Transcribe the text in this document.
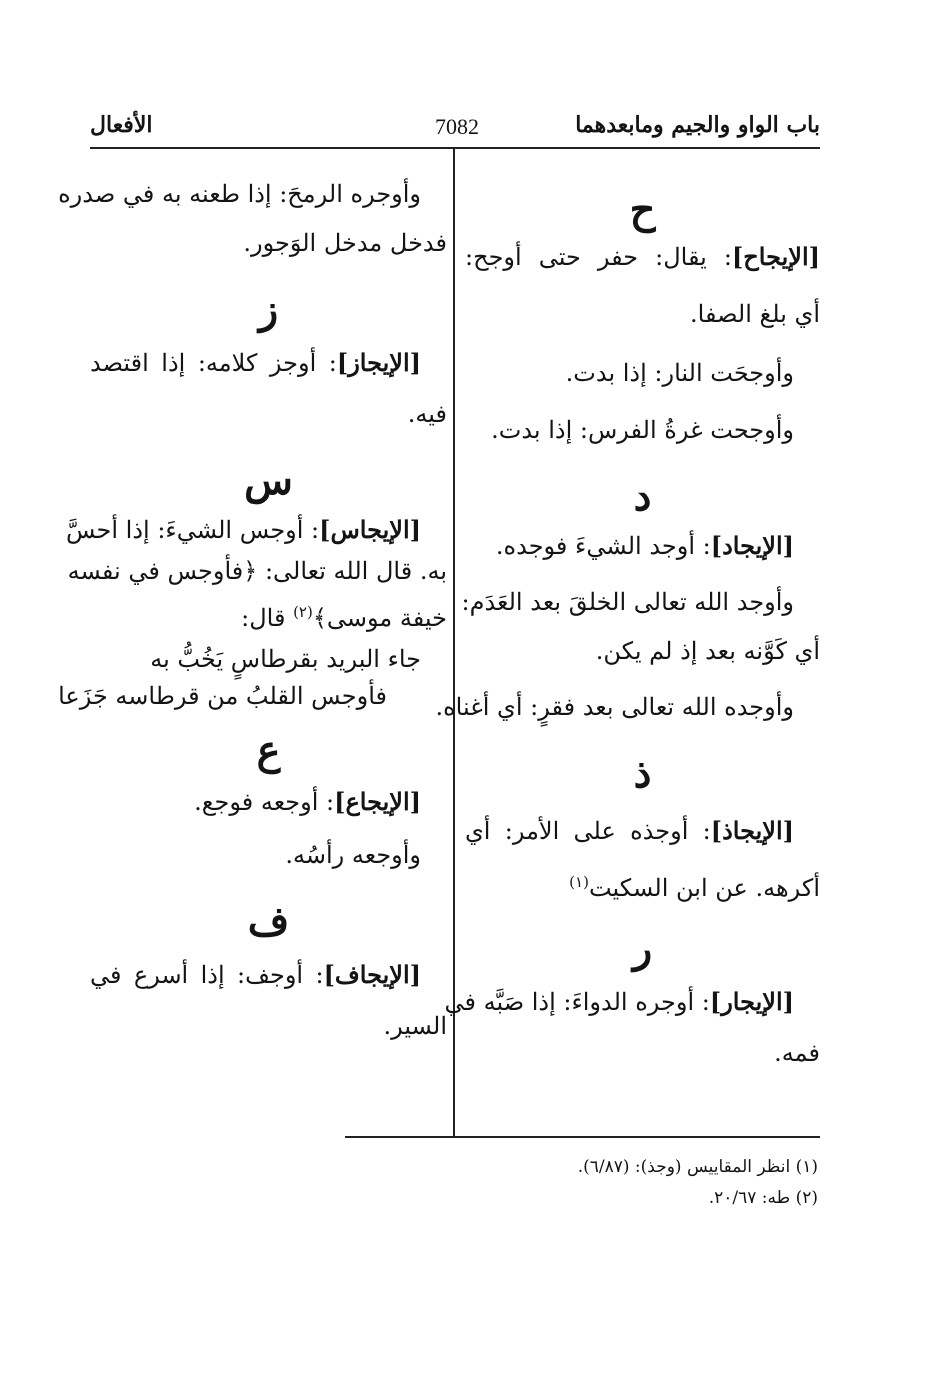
باب الواو والجيم ومابعدهما
7082
الأفعال
ح

[الإيجاح]: يقال: حفر حتى أوجح:

أي بلغ الصفا.

وأوجحَت النار: إذا بدت.

وأوجحت غرةُ الفرس: إذا بدت.

د

[الإيجاد]: أوجد الشيءَ فوجده.

وأوجد الله تعالى الخلقَ بعد العَدَم:

أي كَوَّنه بعد إذ لم يكن.

وأوجده الله تعالى بعد فقرٍ: أي أغناه.

ذ

[الإيجاذ]: أوجذه على الأمر: أي

أكرهه. عن ابن السكيت$^{(١)}$

ر

[الإيجار]: أوجره الدواءَ: إذا صَبَّه في

فمه.

وأوجره الرمحَ: إذا طعنه به في صدره

فدخل مدخل الوَجور.

ز

[الإيجاز]: أوجز كلامه: إذا اقتصد

فيه.

س

[الإيجاس]: أوجس الشيءَ: إذا أحسَّ

به. قال الله تعالى: ﴿فأوجس في نفسه

خيفة موسى﴾$^{(٢)}$ قال:

جاء البريد بقرطاسٍ يَخُبُّ به

فأوجس القلبُ من قرطاسه جَزَعا

ع

[الإيجاع]: أوجعه فوجع.

وأوجعه رأسُه.

ف

[الإيجاف]: أوجف: إذا أسرع في

السير.

(١) انظر المقاييس (وجذ): (٦/٨٧).
(٢) طه: ٢٠/٦٧.
